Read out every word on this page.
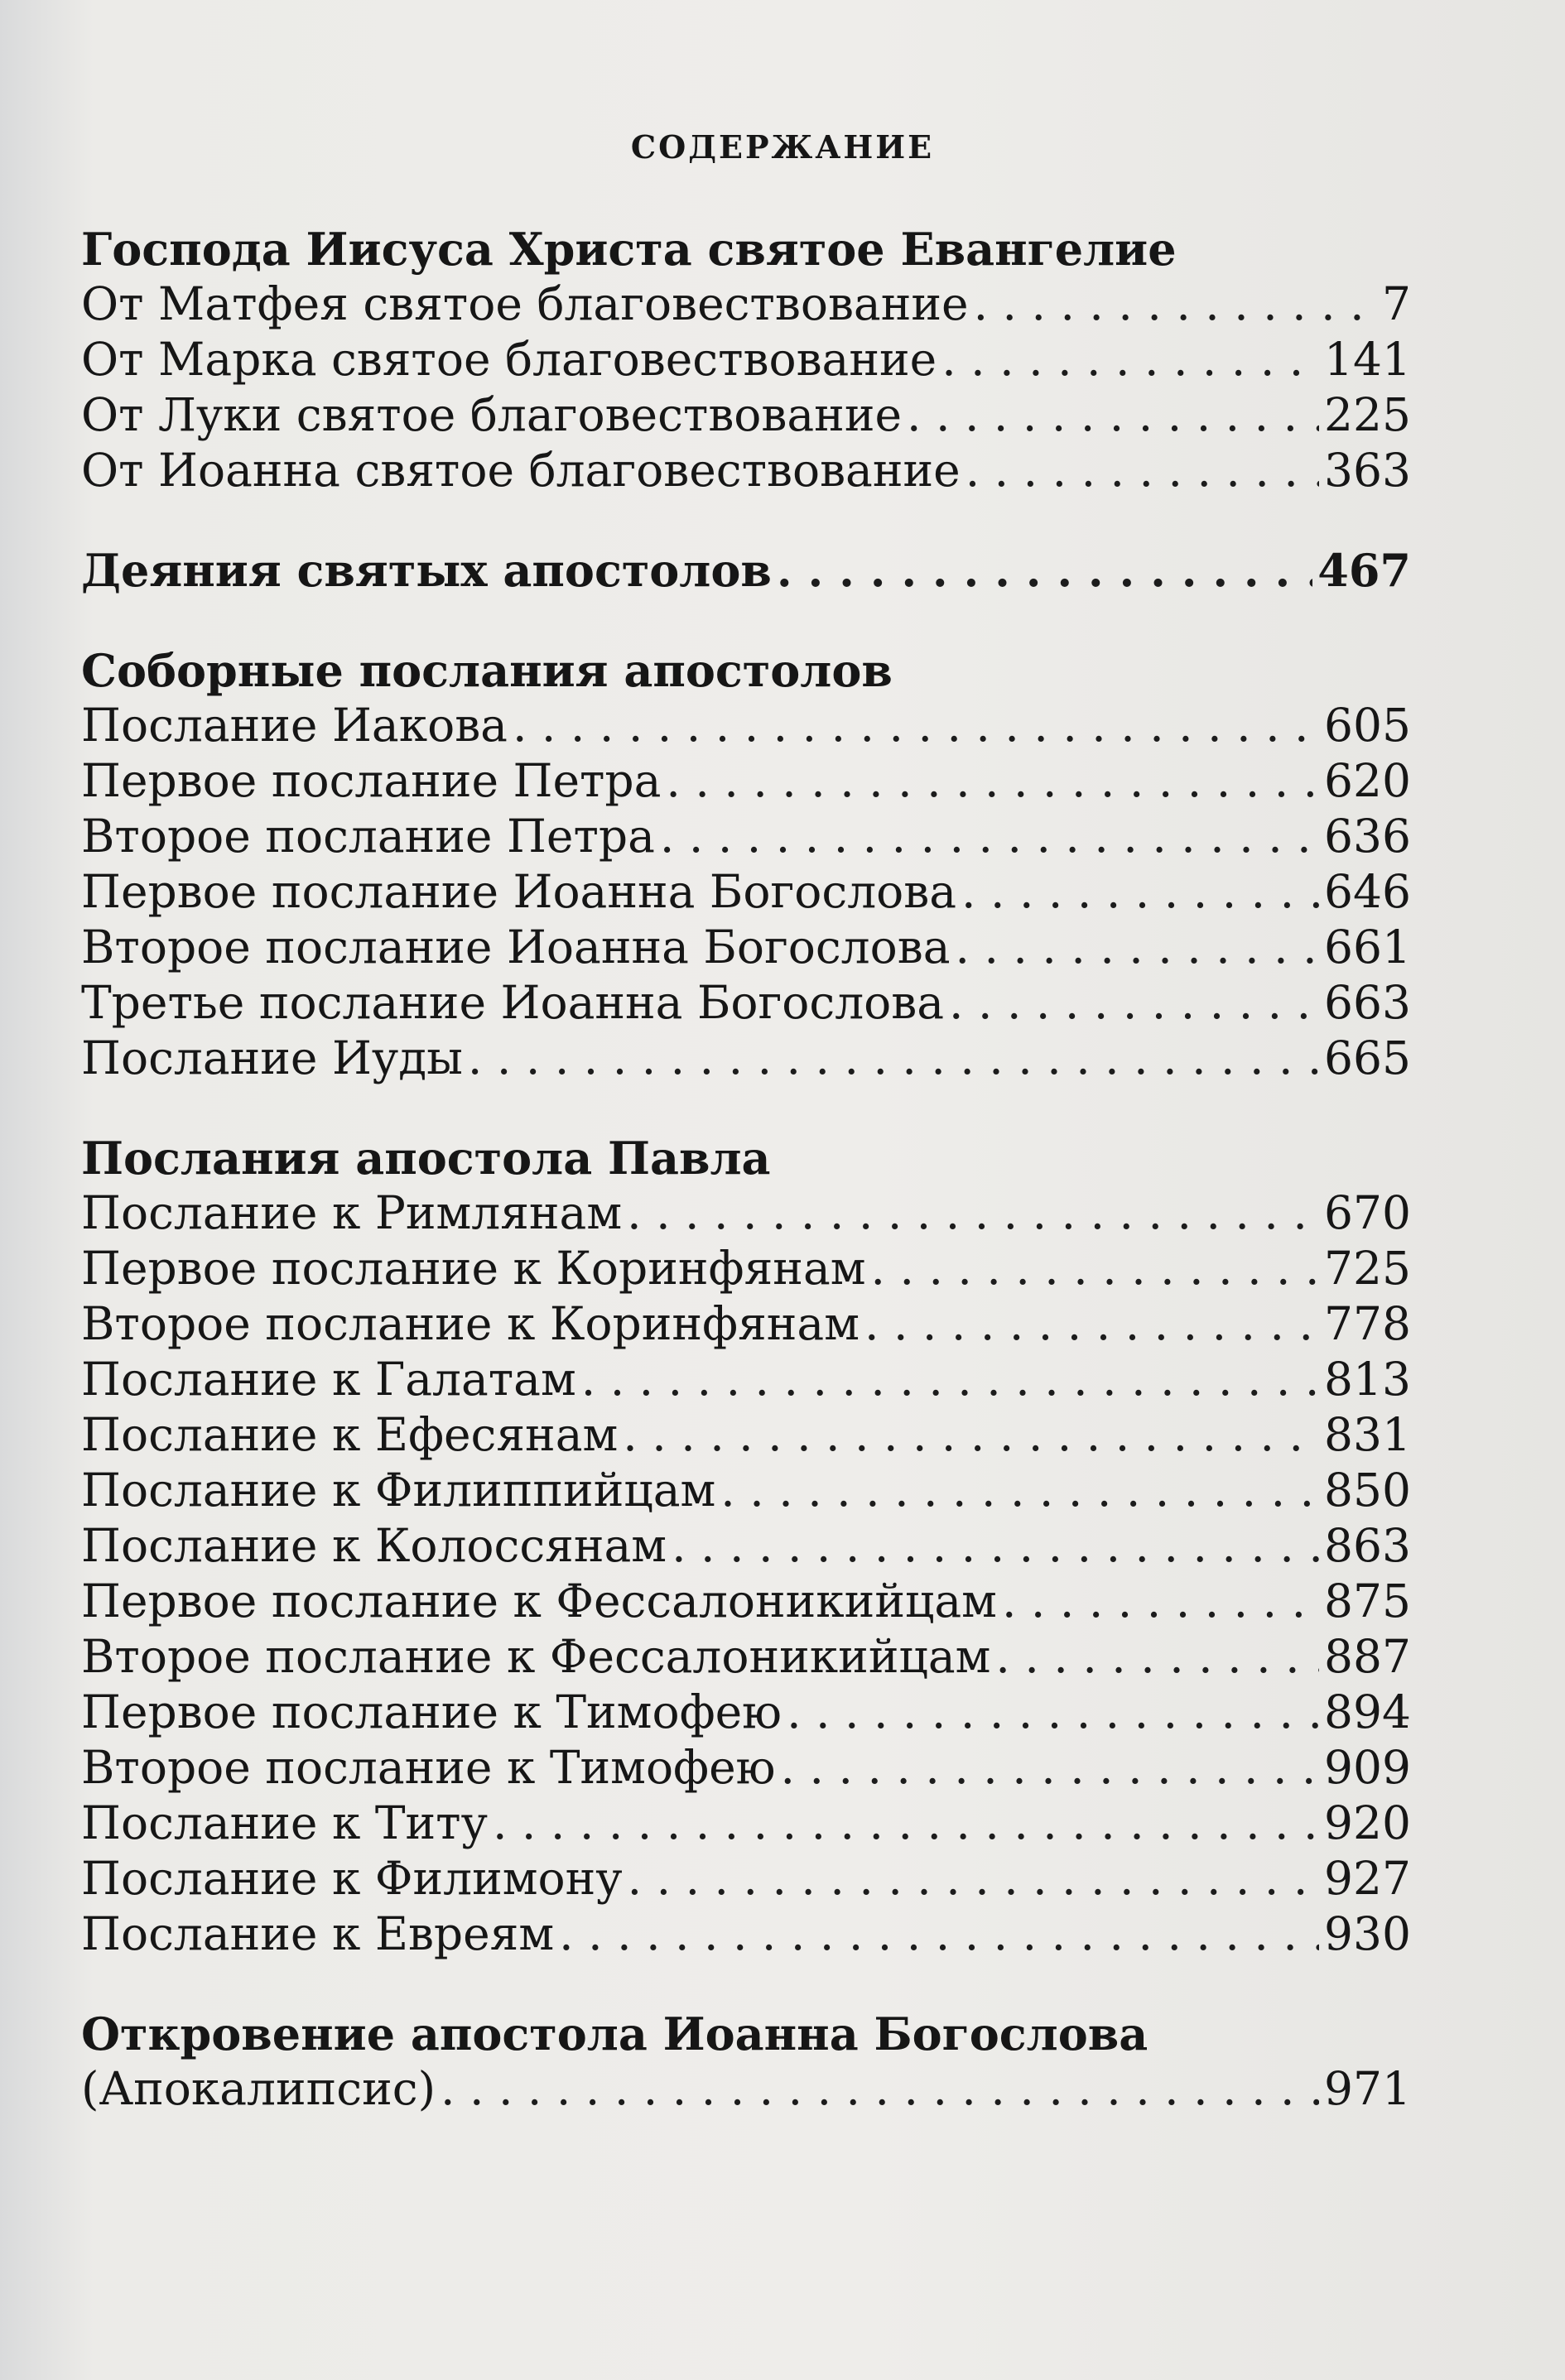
содержание
Господа Иисуса Христа святое Евангелие
От Матфея святое благовествование . . .	7
От Марка святое благовествование . . .	141
От Луки святое благовествование . . .	225
От Иоанна святое благовествование . . .	363
Деяния святых апостолов . . .	467
Соборные послания апостолов
Послание Иакова . . .	605
Первое послание Петра . . .	620
Второе послание Петра . . .	636
Первое послание Иоанна Богослова . . .	646
Второе послание Иоанна Богослова . . .	661
Третье послание Иоанна Богослова . . .	663
Послание Иуды . . .	665
Послания апостола Павла
Послание к Римлянам . . .	670
Первое послание к Коринфянам . . .	725
Второе послание к Коринфянам . . .	778
Послание к Галатам . . .	813
Послание к Ефесянам . . .	831
Послание к Филиппийцам . . .	850
Послание к Колоссянам . . .	863
Первое послание к Фессалоникийцам . . .	875
Второе послание к Фессалоникийцам . . .	887
Первое послание к Тимофею . . .	894
Второе послание к Тимофею . . .	909
Послание к Титу . . .	920
Послание к Филимону . . .	927
Послание к Евреям . . .	930
Откровение апостола Иоанна Богослова
(Апокалипсис) . . .	971
